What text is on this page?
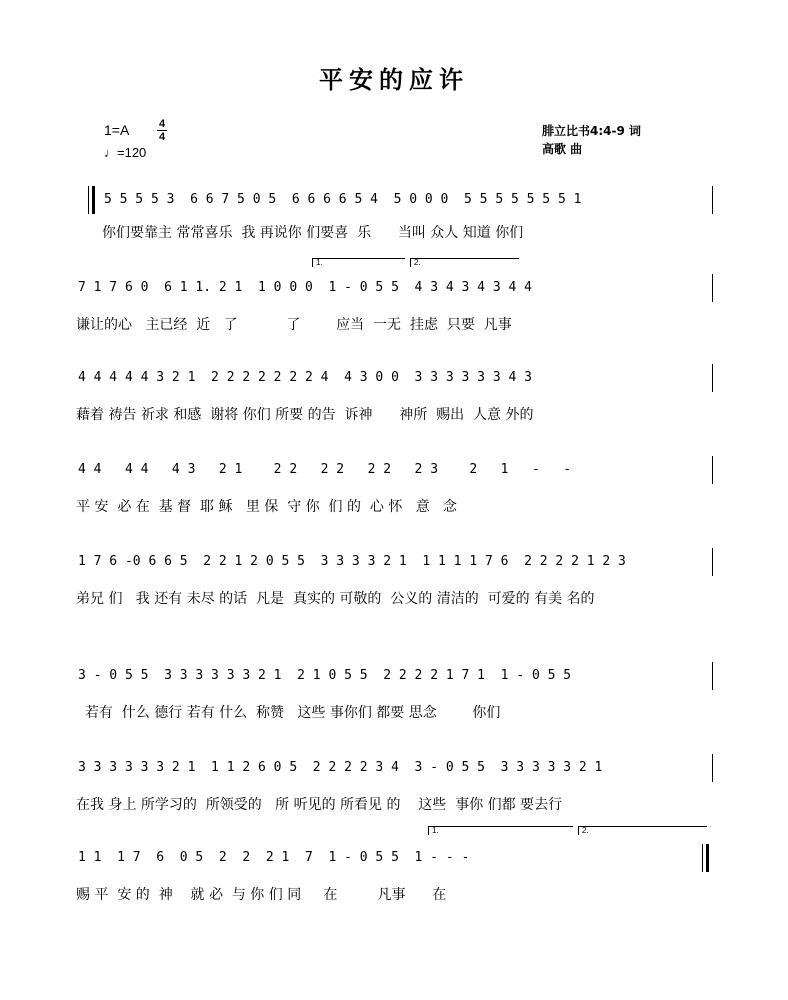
平安的应许
1=A	4
4
♩=120
腓立比书4:4-9 词
高歌 曲
5 5 5 5 3  6 6 7 5 0 5  6 6 6 6 5 4  5 0 0 0  5 5 5 5 5 5 5 1
你们要靠主 常常喜乐  我 再说你 们要喜  乐      当叫 众人 知道 你们
1.	2.
7 1 7 6 0  6 1 1. 2 1  1 0 0 0  1 - 0 5 5  4 3 4 3 4 3 4 4
谦让的心   主已经  近   了           了        应当  一无  挂虑  只要  凡事
4 4 4 4 4 3 2 1  2 2 2 2 2 2 2 4  4 3 0 0  3 3 3 3 3 3 4 3
藉着 祷告 祈求 和感  谢将 你们 所要 的告  诉神      神所  赐出  人意 外的
4 4   4 4   4 3   2 1    2 2   2 2   2 2   2 3    2   1   -   -
平 安  必 在  基 督  耶 稣   里 保  守 你  们 的  心 怀   意   念
1 7 6 -0 6 6 5  2 2 1 2 0 5 5  3 3 3 3 2 1  1 1 1 1 7 6  2 2 2 2 1 2 3
弟兄 们   我 还有 未尽 的话  凡是  真实的 可敬的  公义的 清洁的  可爱的 有美 名的
3 - 0 5 5  3 3 3 3 3 3 2 1  2 1 0 5 5  2 2 2 2 1 7 1  1 - 0 5 5
若有  什么 德行 若有 什么  称赞   这些 事你们 都要 思念        你们
3 3 3 3 3 3 2 1  1 1 2 6 0 5  2 2 2 2 3 4  3 - 0 5 5  3 3 3 3 3 2 1
在我 身上 所学习的  所领受的   所 听见的 所看见 的    这些  事你 们都 要去行
1.	2.
1 1  1 7  6  0 5  2  2  2 1  7  1 - 0 5 5  1 - - -
赐 平  安 的  神    就 必  与 你 们 同     在         凡事      在
